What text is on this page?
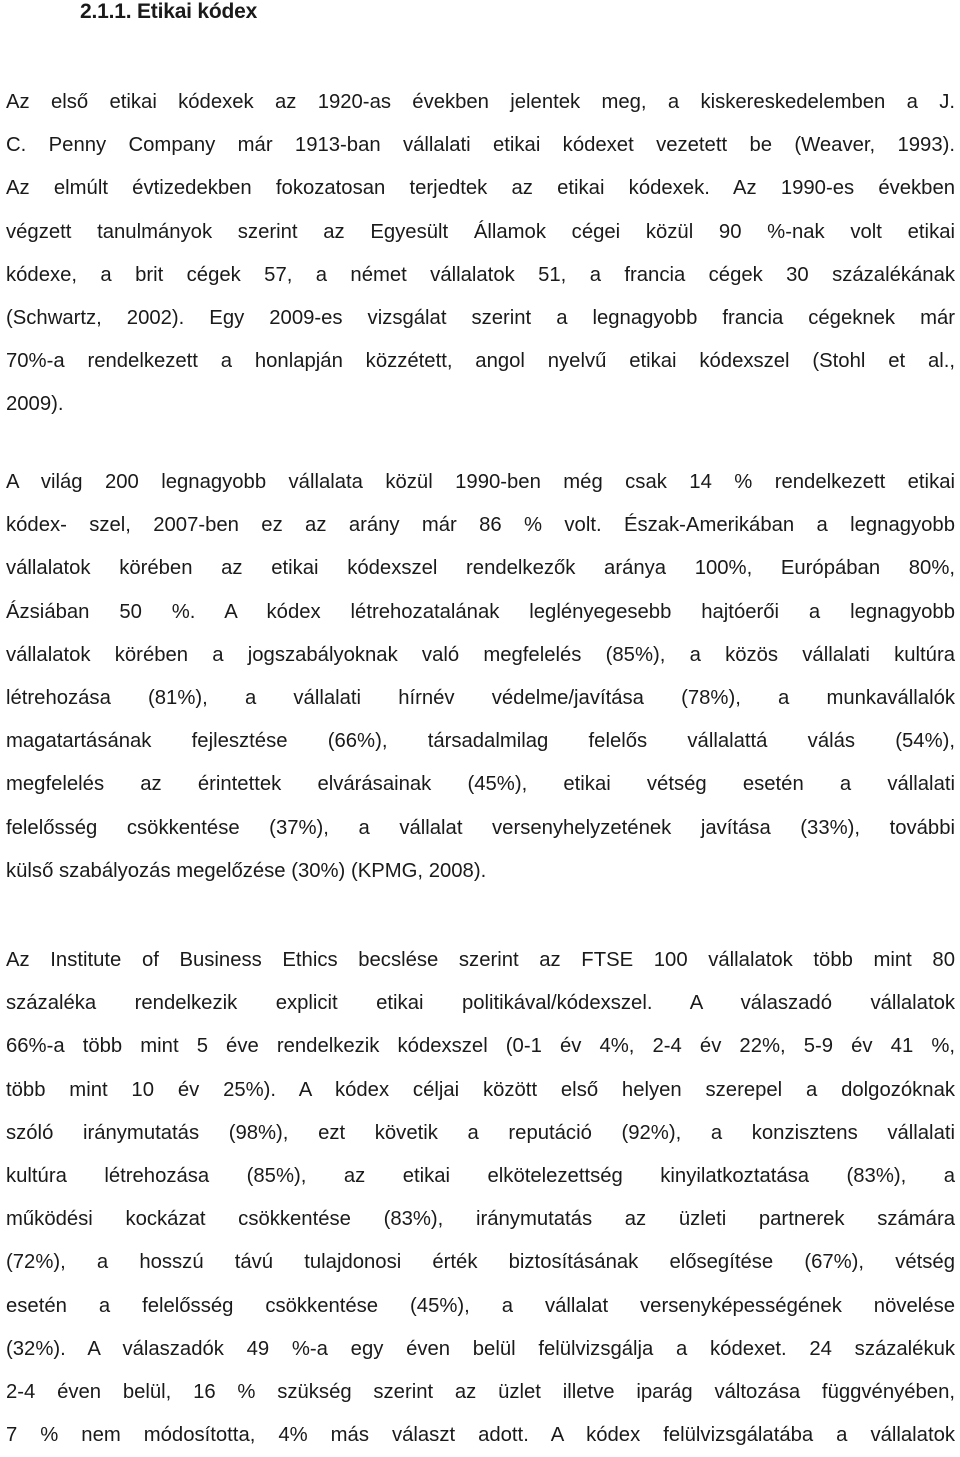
2.1.1. Etikai kódex
Az első etikai kódexek az 1920-as években jelentek meg, a kiskereskedelemben a J.
C. Penny Company már 1913-ban vállalati etikai kódexet vezetett be (Weaver, 1993).
Az elmúlt évtizedekben fokozatosan terjedtek az etikai kódexek. Az 1990-es években
végzett tanulmányok szerint az Egyesült Államok cégei közül 90 %-nak volt etikai
kódexe, a brit cégek 57, a német vállalatok 51, a francia cégek 30 százalékának
(Schwartz, 2002). Egy 2009-es vizsgálat szerint a legnagyobb francia cégeknek már
70%-a rendelkezett a honlapján közzétett, angol nyelvű etikai kódexszel (Stohl et al.,
2009).
A világ 200 legnagyobb vállalata közül 1990-ben még csak 14 % rendelkezett etikai
kódex- szel, 2007-ben ez az arány már 86 % volt. Észak-Amerikában a legnagyobb
vállalatok körében az etikai kódexszel rendelkezők aránya 100%, Európában 80%,
Ázsiában 50 %. A kódex létrehozatalának leglényegesebb hajtóerői a legnagyobb
vállalatok körében a jogszabályoknak való megfelelés (85%), a közös vállalati kultúra
létrehozása (81%), a vállalati hírnév védelme/javítása (78%), a munkavállalók
magatartásának fejlesztése (66%), társadalmilag felelős vállalattá válás (54%),
megfelelés az érintettek elvárásainak (45%), etikai vétség esetén a vállalati
felelősség csökkentése (37%), a vállalat versenyhelyzetének javítása (33%), további
külső szabályozás megelőzése (30%) (KPMG, 2008).
Az Institute of Business Ethics becslése szerint az FTSE 100 vállalatok több mint 80
százaléka rendelkezik explicit etikai politikával/kódexszel. A válaszadó vállalatok
66%-a több mint 5 éve rendelkezik kódexszel (0-1 év 4%, 2-4 év 22%, 5-9 év 41 %,
több mint 10 év 25%). A kódex céljai között első helyen szerepel a dolgozóknak
szóló iránymutatás (98%), ezt követik a reputáció (92%), a konzisztens vállalati
kultúra létrehozása (85%), az etikai elkötelezettség kinyilatkoztatása (83%), a
működési kockázat csökkentése (83%), iránymutatás az üzleti partnerek számára
(72%), a hosszú távú tulajdonosi érték biztosításának elősegítése (67%), vétség
esetén a felelősség csökkentése (45%), a vállalat versenyképességének növelése
(32%). A válaszadók 49 %-a egy éven belül felülvizsgálja a kódexet. 24 százalékuk
2-4 éven belül, 16 % szükség szerint az üzlet illetve iparág változása függvényében,
7 % nem módosította, 4% más választ adott. A kódex felülvizsgálatába a vállalatok
